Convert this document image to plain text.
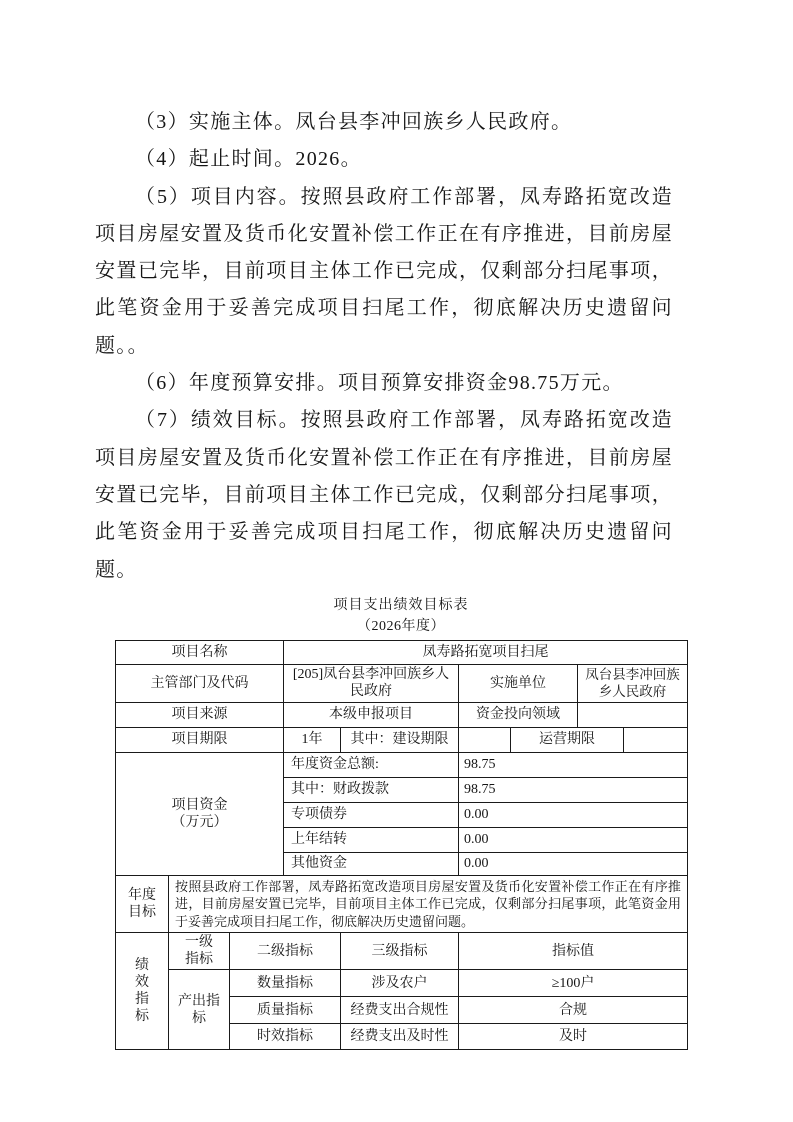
（3）实施主体。凤台县李冲回族乡人民政府。

（4）起止时间。2026。

（5）项目内容。按照县政府工作部署，凤寿路拓宽改造项目房屋安置及货币化安置补偿工作正在有序推进，目前房屋安置已完毕，目前项目主体工作已完成，仅剩部分扫尾事项，此笔资金用于妥善完成项目扫尾工作，彻底解决历史遗留问题。。

（6）年度预算安排。项目预算安排资金98.75万元。

（7）绩效目标。按照县政府工作部署，凤寿路拓宽改造项目房屋安置及货币化安置补偿工作正在有序推进，目前房屋安置已完毕，目前项目主体工作已完成，仅剩部分扫尾事项，此笔资金用于妥善完成项目扫尾工作，彻底解决历史遗留问题。

项目支出绩效目标表
（2026年度）
项目名称			凤寿路拓宽项目扫尾					
主管部门及代码			[205]凤台县李冲回族乡人民政府		实施单位		凤台县李冲回族乡人民政府	
项目来源			本级申报项目		资金投向领域			
项目期限			1年	其中：建设期限		运营期限		

项目资金（万元）			年度资金总额:		98.75			
			其中：财政拨款		98.75			
			专项债券		0.00			
			上年结转		0.00			
			其他资金		0.00			

年度目标	按照县政府工作部署，凤寿路拓宽改造项目房屋安置及货币化安置补偿工作正在有序推进，目前房屋安置已完毕，目前项目主体工作已完成，仅剩部分扫尾事项，此笔资金用于妥善完成项目扫尾工作，彻底解决历史遗留问题。							

绩效指标	一级指标	二级指标		三级指标	指标值			

	产出指标	数量指标		涉及农户	≥100户			
		质量指标		经费支出合规性	合规			
		时效指标		经费支出及时性	及时			
